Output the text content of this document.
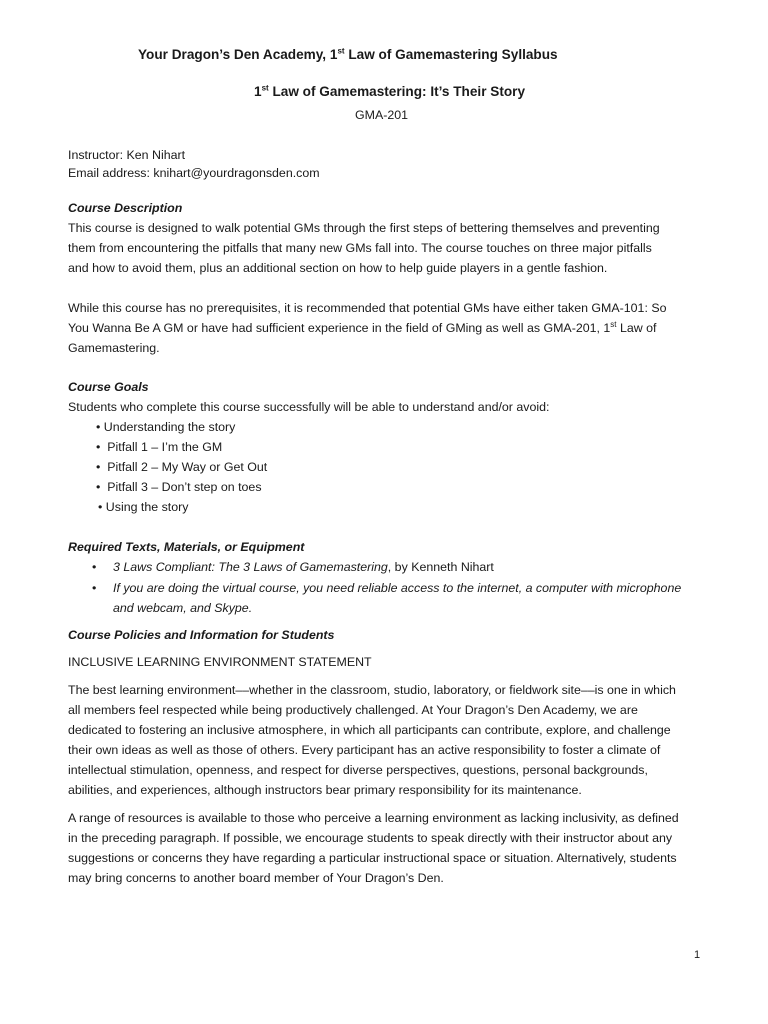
Your Dragon’s Den Academy, 1st Law of Gamemastering Syllabus
1st Law of Gamemastering: It’s Their Story
GMA-201
Instructor: Ken Nihart
Email address: knihart@yourdragonsden.com
Course Description
This course is designed to walk potential GMs through the first steps of bettering themselves and preventing
them from encountering the pitfalls that many new GMs fall into. The course touches on three major pitfalls
and how to avoid them, plus an additional section on how to help guide players in a gentle fashion.
While this course has no prerequisites, it is recommended that potential GMs have either taken GMA-101: So
You Wanna Be A GM or have had sufficient experience in the field of GMing as well as GMA-201, 1st Law of
Gamemastering.
Course Goals
Students who complete this course successfully will be able to understand and/or avoid:
• Understanding the story
• Pitfall 1 – I’m the GM
• Pitfall 2 – My Way or Get Out
• Pitfall 3 – Don’t step on toes
• Using the story
Required Texts, Materials, or Equipment
• 3 Laws Compliant: The 3 Laws of Gamemastering, by Kenneth Nihart
• If you are doing the virtual course, you need reliable access to the internet, a computer with microphone
and webcam, and Skype.
Course Policies and Information for Students
INCLUSIVE LEARNING ENVIRONMENT STATEMENT
The best learning environment––whether in the classroom, studio, laboratory, or fieldwork site––is one in which
all members feel respected while being productively challenged. At Your Dragon’s Den Academy, we are
dedicated to fostering an inclusive atmosphere, in which all participants can contribute, explore, and challenge
their own ideas as well as those of others. Every participant has an active responsibility to foster a climate of
intellectual stimulation, openness, and respect for diverse perspectives, questions, personal backgrounds,
abilities, and experiences, although instructors bear primary responsibility for its maintenance.
A range of resources is available to those who perceive a learning environment as lacking inclusivity, as defined
in the preceding paragraph. If possible, we encourage students to speak directly with their instructor about any
suggestions or concerns they have regarding a particular instructional space or situation. Alternatively, students
may bring concerns to another board member of Your Dragon’s Den.
1
